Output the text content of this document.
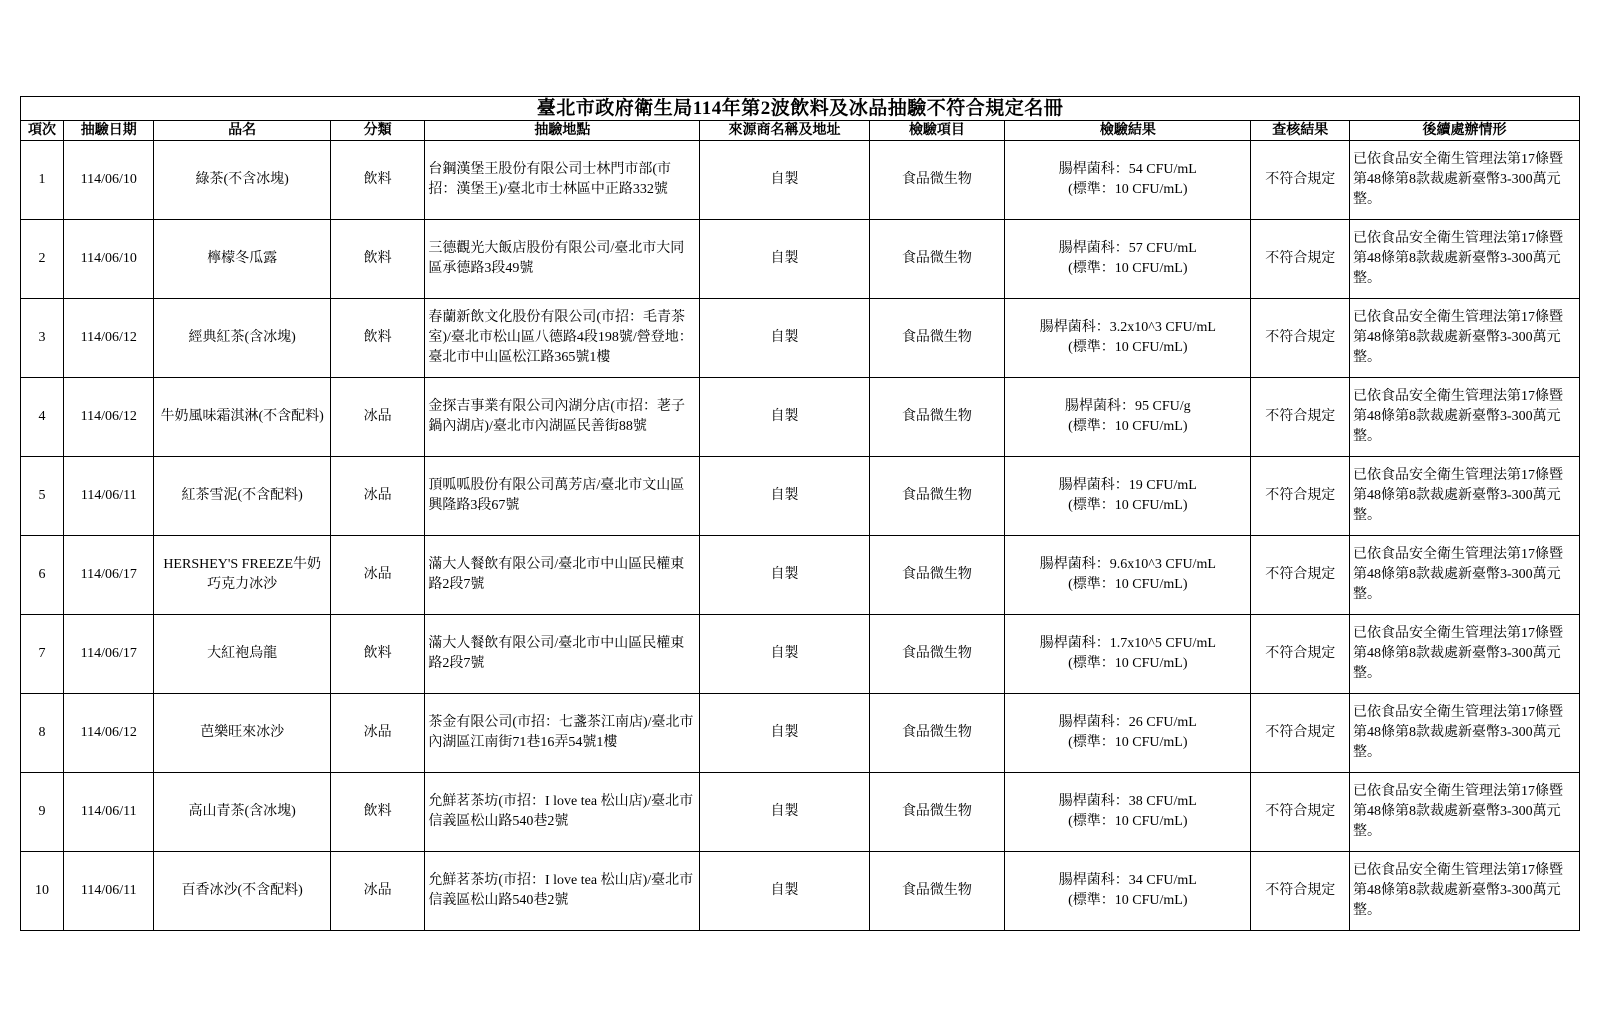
臺北市政府衛生局114年第2波飲料及冰品抽驗不符合規定名冊									
項次	抽驗日期	品名	分類	抽驗地點	來源商名稱及地址	檢驗項目	檢驗結果	查核結果	後續處辦情形
1	114/06/10	綠茶(不含冰塊)	飲料	台鋼漢堡王股份有限公司士林門市部(市招：漢堡王)/臺北市士林區中正路332號	自製	食品微生物	腸桿菌科：54 CFU/mL
(標準：10 CFU/mL)	不符合規定	已依食品安全衛生管理法第17條暨第48條第8款裁處新臺幣3-300萬元整。
2	114/06/10	檸檬冬瓜露	飲料	三德觀光大飯店股份有限公司/臺北市大同區承德路3段49號	自製	食品微生物	腸桿菌科：57 CFU/mL
(標準：10 CFU/mL)	不符合規定	已依食品安全衛生管理法第17條暨第48條第8款裁處新臺幣3-300萬元整。
3	114/06/12	經典紅茶(含冰塊)	飲料	春蘭新飲文化股份有限公司(市招：毛青茶室)/臺北市松山區八德路4段198號/營登地：臺北市中山區松江路365號1樓	自製	食品微生物	腸桿菌科：3.2x10^3 CFU/mL
(標準：10 CFU/mL)	不符合規定	已依食品安全衛生管理法第17條暨第48條第8款裁處新臺幣3-300萬元整。
4	114/06/12	牛奶風味霜淇淋(不含配料)	冰品	金探吉事業有限公司內湖分店(市招：荖子鍋內湖店)/臺北市內湖區民善街88號	自製	食品微生物	腸桿菌科：95 CFU/g
(標準：10 CFU/mL)	不符合規定	已依食品安全衛生管理法第17條暨第48條第8款裁處新臺幣3-300萬元整。
5	114/06/11	紅茶雪泥(不含配料)	冰品	頂呱呱股份有限公司萬芳店/臺北市文山區興隆路3段67號	自製	食品微生物	腸桿菌科：19 CFU/mL
(標準：10 CFU/mL)	不符合規定	已依食品安全衛生管理法第17條暨第48條第8款裁處新臺幣3-300萬元整。
6	114/06/17	HERSHEY'S FREEZE牛奶巧克力冰沙	冰品	滿大人餐飲有限公司/臺北市中山區民權東路2段7號	自製	食品微生物	腸桿菌科：9.6x10^3 CFU/mL
(標準：10 CFU/mL)	不符合規定	已依食品安全衛生管理法第17條暨第48條第8款裁處新臺幣3-300萬元整。
7	114/06/17	大紅袍烏龍	飲料	滿大人餐飲有限公司/臺北市中山區民權東路2段7號	自製	食品微生物	腸桿菌科：1.7x10^5 CFU/mL
(標準：10 CFU/mL)	不符合規定	已依食品安全衛生管理法第17條暨第48條第8款裁處新臺幣3-300萬元整。
8	114/06/12	芭樂旺來冰沙	冰品	茶金有限公司(市招：七盞茶江南店)/臺北市內湖區江南街71巷16弄54號1樓	自製	食品微生物	腸桿菌科：26 CFU/mL
(標準：10 CFU/mL)	不符合規定	已依食品安全衛生管理法第17條暨第48條第8款裁處新臺幣3-300萬元整。
9	114/06/11	高山青茶(含冰塊)	飲料	允鮮茗茶坊(市招：I love tea 松山店)/臺北市信義區松山路540巷2號	自製	食品微生物	腸桿菌科：38 CFU/mL
(標準：10 CFU/mL)	不符合規定	已依食品安全衛生管理法第17條暨第48條第8款裁處新臺幣3-300萬元整。
10	114/06/11	百香冰沙(不含配料)	冰品	允鮮茗茶坊(市招：I love tea 松山店)/臺北市信義區松山路540巷2號	自製	食品微生物	腸桿菌科：34 CFU/mL
(標準：10 CFU/mL)	不符合規定	已依食品安全衛生管理法第17條暨第48條第8款裁處新臺幣3-300萬元整。
